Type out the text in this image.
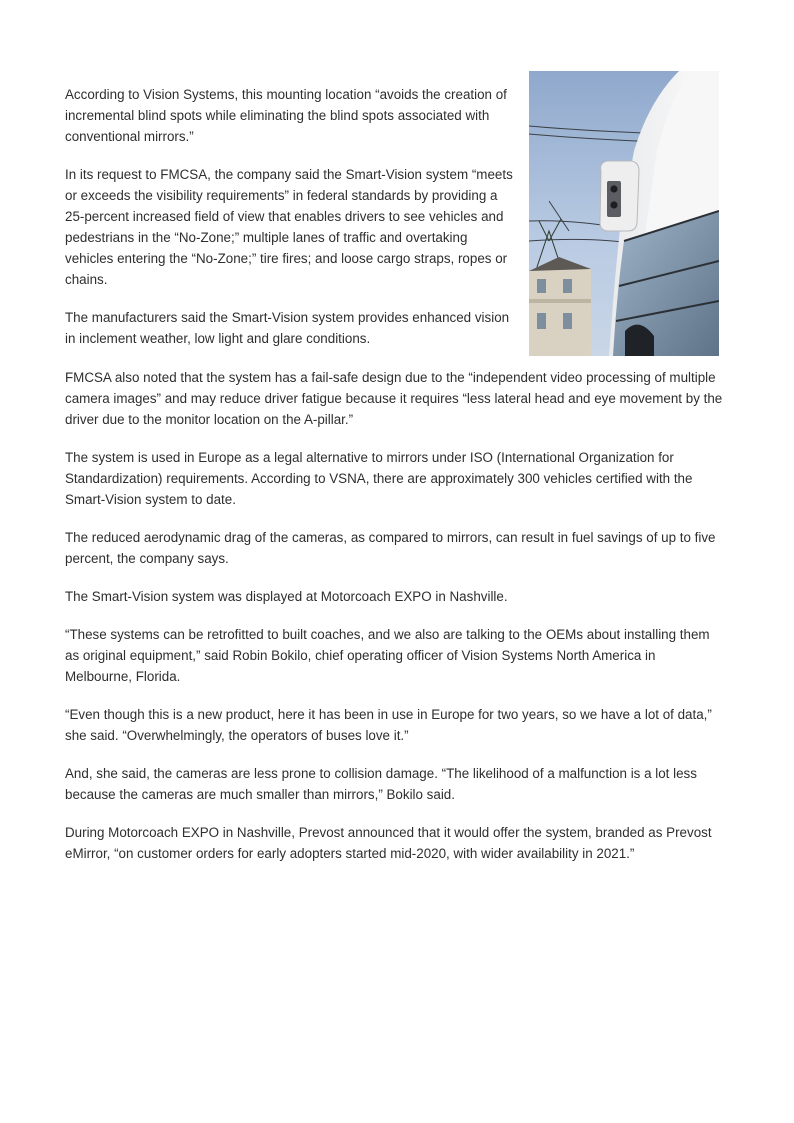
According to Vision Systems, this mounting location “avoids the creation of incremental blind spots while eliminating the blind spots associated with conventional mirrors.”

In its request to FMCSA, the company said the Smart-Vision system “meets or exceeds the visibility requirements” in federal standards by providing a 25-percent increased field of view that enables drivers to see vehicles and pedestrians in the “No-Zone;” multiple lanes of traffic and overtaking vehicles entering the “No-Zone;” tire fires; and loose cargo straps, ropes or chains.

The manufacturers said the Smart-Vision system provides enhanced vision in inclement weather, low light and glare conditions.

FMCSA also noted that the system has a fail-safe design due to the “independent video processing of multiple camera images” and may reduce driver fatigue because it requires “less lateral head and eye movement by the driver due to the monitor location on the A-pillar.”

The system is used in Europe as a legal alternative to mirrors under ISO (International Organization for Standardization) requirements. According to VSNA, there are approximately 300 vehicles certified with the Smart-Vision system to date.

The reduced aerodynamic drag of the cameras, as compared to mirrors, can result in fuel savings of up to five percent, the company says.

The Smart-Vision system was displayed at Motorcoach EXPO in Nashville.

“These systems can be retrofitted to built coaches, and we also are talking to the OEMs about installing them as original equipment,” said Robin Bokilo, chief operating officer of Vision Systems North America in Melbourne, Florida.

“Even though this is a new product, here it has been in use in Europe for two years, so we have a lot of data,” she said. “Overwhelmingly, the operators of buses love it.”

And, she said, the cameras are less prone to collision damage. “The likelihood of a malfunction is a lot less because the cameras are much smaller than mirrors,” Bokilo said.

During Motorcoach EXPO in Nashville, Prevost announced that it would offer the system, branded as Prevost eMirror, “on customer orders for early adopters started mid-2020, with wider availability in 2021.”
